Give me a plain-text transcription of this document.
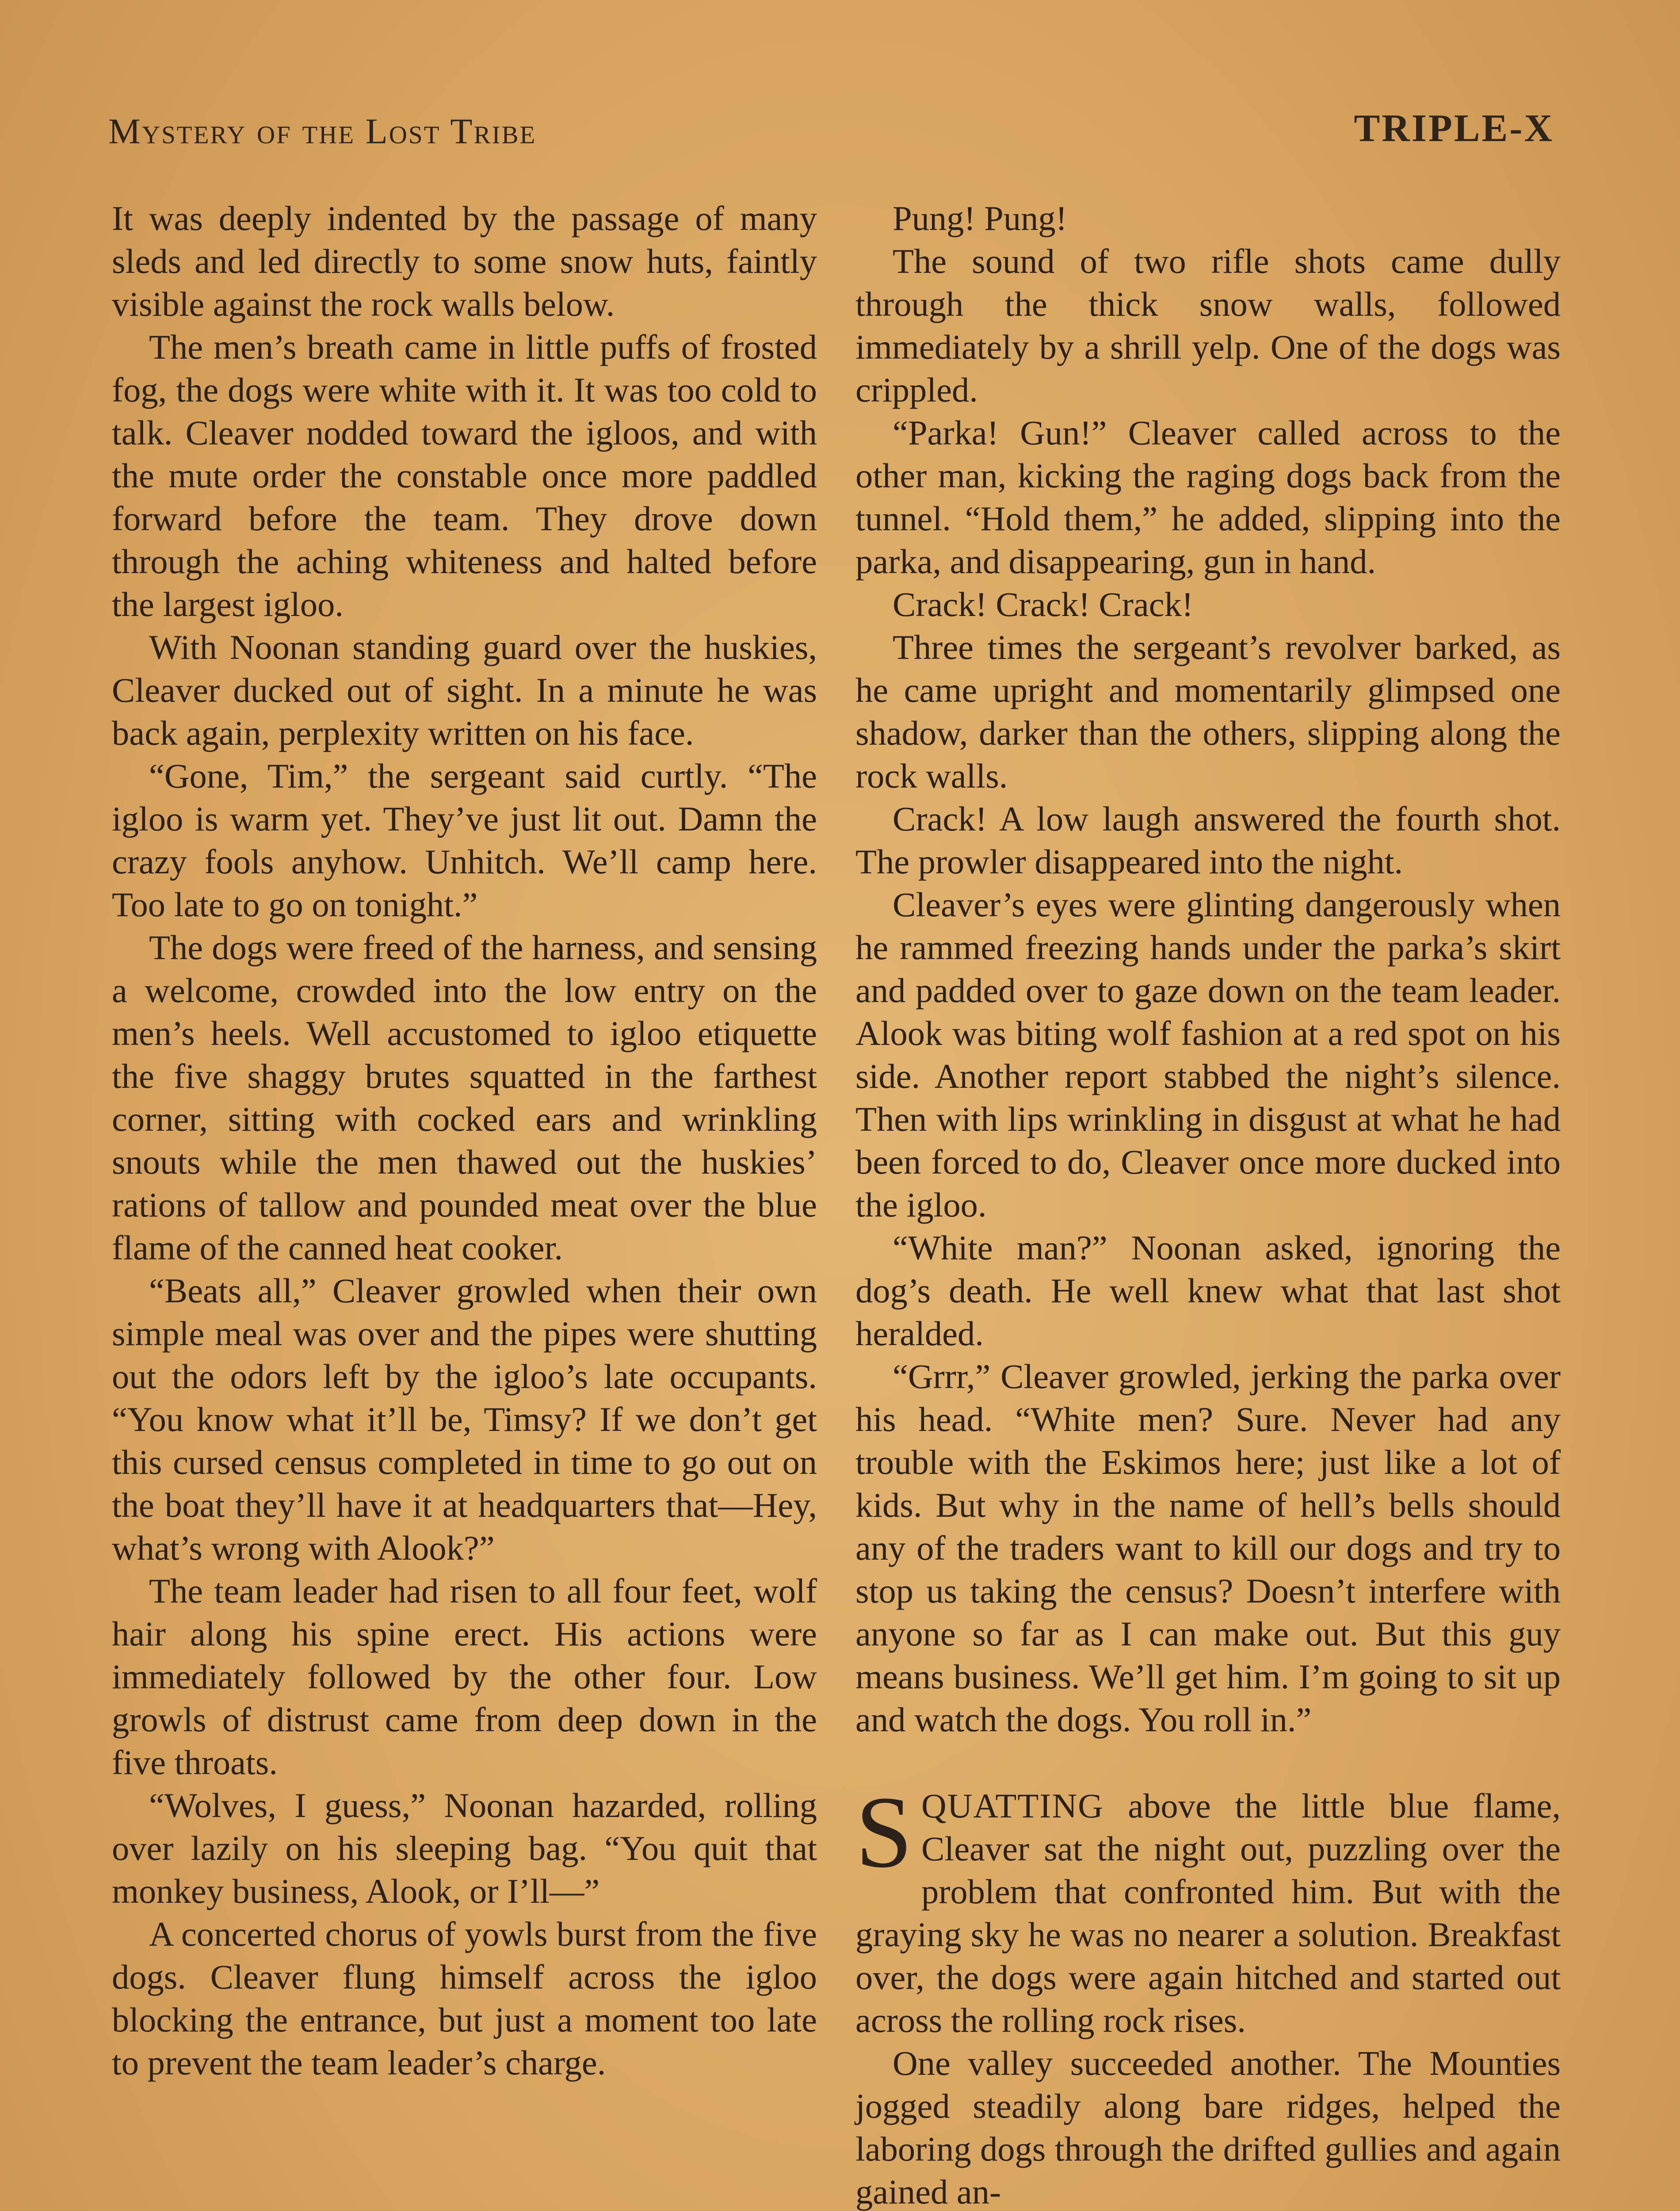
Mystery of the Lost Tribe	TRIPLE-X

It was deeply indented by the passage of many sleds and led directly to some snow huts, faintly visible against the rock walls below.

The men’s breath came in little puffs of frosted fog, the dogs were white with it. It was too cold to talk. Cleaver nodded toward the igloos, and with the mute order the constable once more paddled forward before the team. They drove down through the aching whiteness and halted before the largest igloo.

With Noonan standing guard over the huskies, Cleaver ducked out of sight. In a minute he was back again, perplexity written on his face.

“Gone, Tim,” the sergeant said curtly. “The igloo is warm yet. They’ve just lit out. Damn the crazy fools anyhow. Unhitch. We’ll camp here. Too late to go on tonight.”

The dogs were freed of the harness, and sensing a welcome, crowded into the low entry on the men’s heels. Well accustomed to igloo etiquette the five shaggy brutes squatted in the farthest corner, sitting with cocked ears and wrinkling snouts while the men thawed out the huskies’ rations of tallow and pounded meat over the blue flame of the canned heat cooker.

“Beats all,” Cleaver growled when their own simple meal was over and the pipes were shutting out the odors left by the igloo’s late occupants. “You know what it’ll be, Timsy? If we don’t get this cursed census completed in time to go out on the boat they’ll have it at headquarters that—Hey, what’s wrong with Alook?”

The team leader had risen to all four feet, wolf hair along his spine erect. His actions were immediately followed by the other four. Low growls of distrust came from deep down in the five throats.

“Wolves, I guess,” Noonan hazarded, rolling over lazily on his sleeping bag. “You quit that monkey business, Alook, or I’ll—”

A concerted chorus of yowls burst from the five dogs. Cleaver flung himself across the igloo blocking the entrance, but just a moment too late to prevent the team leader’s charge.

Pung! Pung!

The sound of two rifle shots came dully through the thick snow walls, followed immediately by a shrill yelp. One of the dogs was crippled.

“Parka! Gun!” Cleaver called across to the other man, kicking the raging dogs back from the tunnel. “Hold them,” he added, slipping into the parka, and disappearing, gun in hand.

Crack! Crack! Crack!

Three times the sergeant’s revolver barked, as he came upright and momentarily glimpsed one shadow, darker than the others, slipping along the rock walls.

Crack! A low laugh answered the fourth shot. The prowler disappeared into the night.

Cleaver’s eyes were glinting dangerously when he rammed freezing hands under the parka’s skirt and padded over to gaze down on the team leader. Alook was biting wolf fashion at a red spot on his side. Another report stabbed the night’s silence. Then with lips wrinkling in disgust at what he had been forced to do, Cleaver once more ducked into the igloo.

“White man?” Noonan asked, ignoring the dog’s death. He well knew what that last shot heralded.

“Grrr,” Cleaver growled, jerking the parka over his head. “White men? Sure. Never had any trouble with the Eskimos here; just like a lot of kids. But why in the name of hell’s bells should any of the traders want to kill our dogs and try to stop us taking the census? Doesn’t interfere with anyone so far as I can make out. But this guy means business. We’ll get him. I’m going to sit up and watch the dogs. You roll in.”

SQUATTING above the little blue flame, Cleaver sat the night out, puzzling over the problem that confronted him. But with the graying sky he was no nearer a solution. Breakfast over, the dogs were again hitched and started out across the rolling rock rises.

One valley succeeded another. The Mounties jogged steadily along bare ridges, helped the laboring dogs through the drifted gullies and again gained an-
